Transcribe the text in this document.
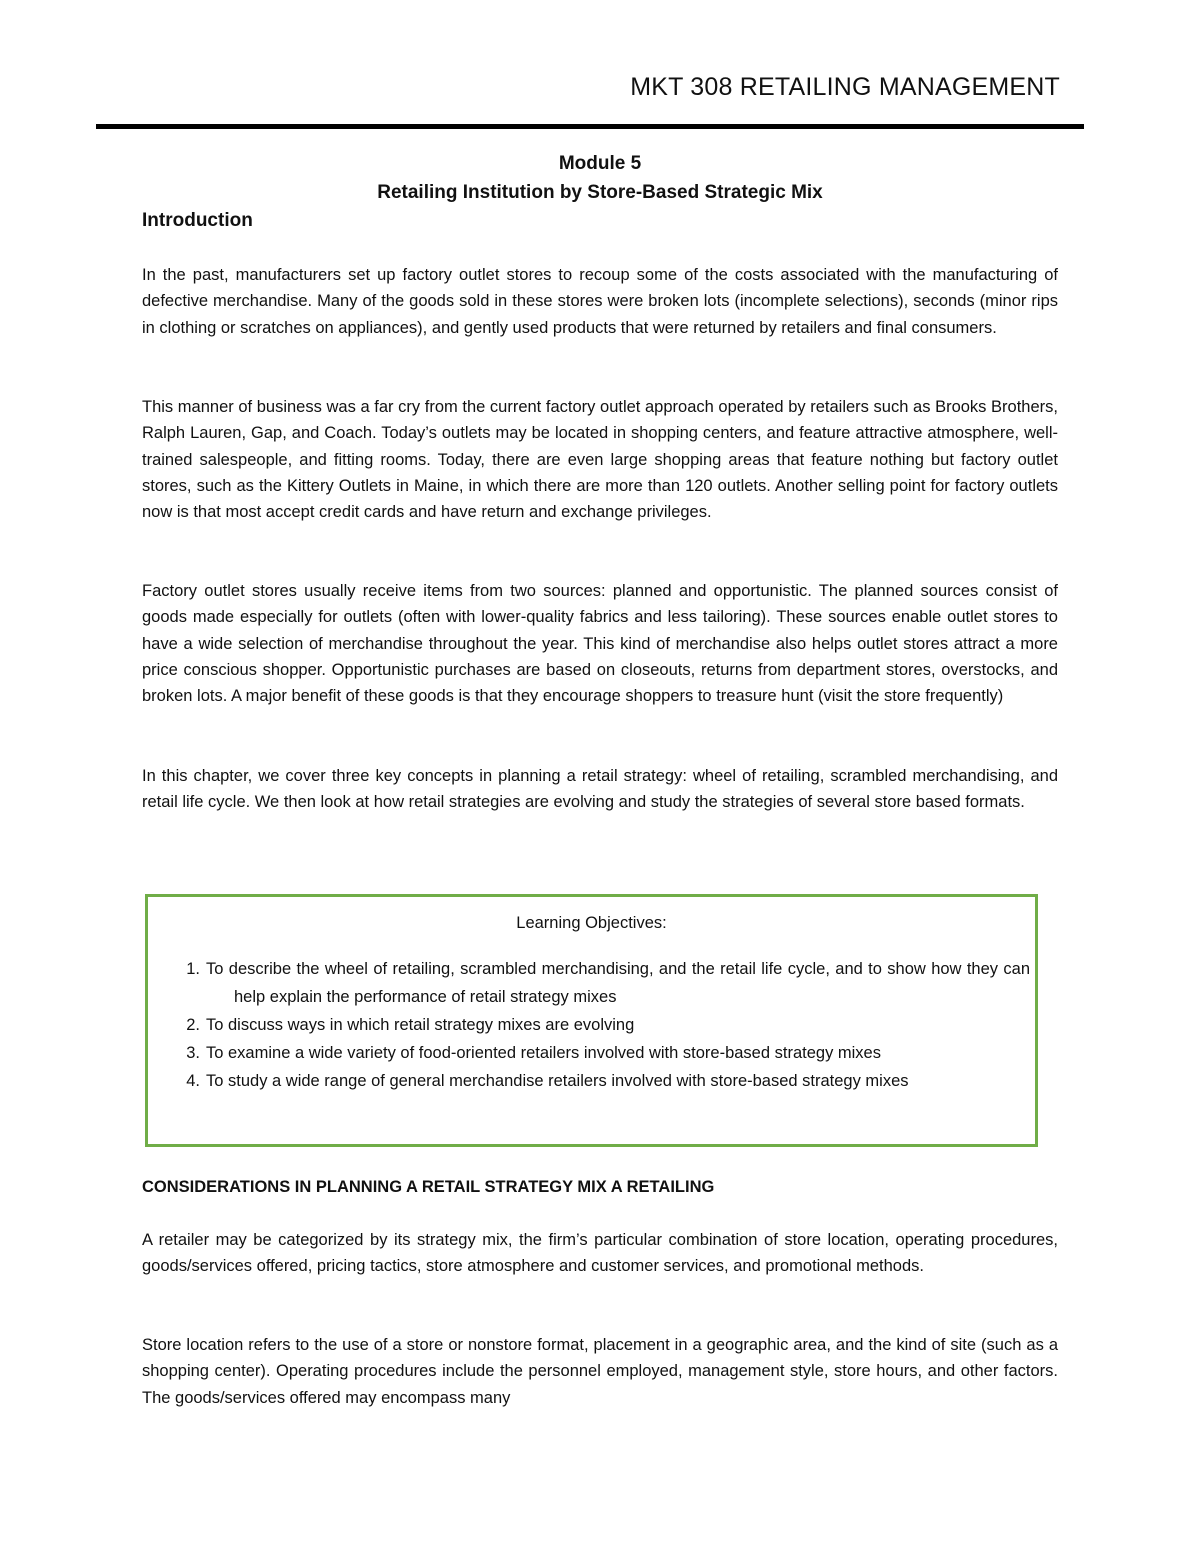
MKT 308 RETAILING MANAGEMENT
Module 5
Retailing Institution by Store-Based Strategic Mix
Introduction

In the past, manufacturers set up factory outlet stores to recoup some of the costs associated with the manufacturing of defective merchandise. Many of the goods sold in these stores were broken lots (incomplete selections), seconds (minor rips in clothing or scratches on appliances), and gently used products that were returned by retailers and final consumers.

This manner of business was a far cry from the current factory outlet approach operated by retailers such as Brooks Brothers, Ralph Lauren, Gap, and Coach. Today’s outlets may be located in shopping centers, and feature attractive atmosphere, well-trained salespeople, and fitting rooms. Today, there are even large shopping areas that feature nothing but factory outlet stores, such as the Kittery Outlets in Maine, in which there are more than 120 outlets. Another selling point for factory outlets now is that most accept credit cards and have return and exchange privileges.

Factory outlet stores usually receive items from two sources: planned and opportunistic. The planned sources consist of goods made especially for outlets (often with lower-quality fabrics and less tailoring). These sources enable outlet stores to have a wide selection of merchandise throughout the year. This kind of merchandise also helps outlet stores attract a more price conscious shopper. Opportunistic purchases are based on closeouts, returns from department stores, overstocks, and broken lots. A major benefit of these goods is that they encourage shoppers to treasure hunt (visit the store frequently)

In this chapter, we cover three key concepts in planning a retail strategy: wheel of retailing, scrambled merchandising, and retail life cycle. We then look at how retail strategies are evolving and study the strategies of several store based formats.

Learning Objectives:
1. To describe the wheel of retailing, scrambled merchandising, and the retail life cycle, and to show how they can help explain the performance of retail strategy mixes
2. To discuss ways in which retail strategy mixes are evolving
3. To examine a wide variety of food-oriented retailers involved with store-based strategy mixes
4. To study a wide range of general merchandise retailers involved with store-based strategy mixes
CONSIDERATIONS IN PLANNING A RETAIL STRATEGY MIX A RETAILING

A retailer may be categorized by its strategy mix, the firm’s particular combination of store location, operating procedures, goods/services offered, pricing tactics, store atmosphere and customer services, and promotional methods.

Store location refers to the use of a store or nonstore format, placement in a geographic area, and the kind of site (such as a shopping center). Operating procedures include the personnel employed, management style, store hours, and other factors. The goods/services offered may encompass many
